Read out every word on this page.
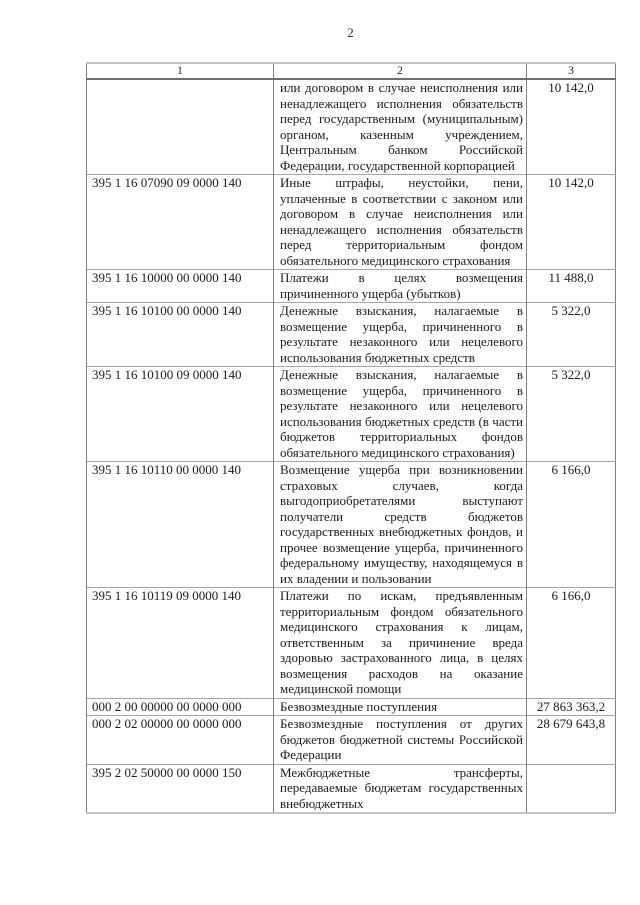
2
1	2	3
	или договором в случае неисполнения или ненадлежащего исполнения обязательств перед государственным (муниципальным) органом, казенным учреждением, Центральным банком Российской Федерации, государственной корпорацией	10 142,0
395 1 16 07090 09 0000 140	Иные штрафы, неустойки, пени, уплаченные в соответствии с законом или договором в случае неисполнения или ненадлежащего исполнения обязательств перед территориальным фондом обязательного медицинского страхования	10 142,0
395 1 16 10000 00 0000 140	Платежи в целях возмещения причиненного ущерба (убытков)	11 488,0
395 1 16 10100 00 0000 140	Денежные взыскания, налагаемые в возмещение ущерба, причиненного в результате незаконного или нецелевого использования бюджетных средств	5 322,0
395 1 16 10100 09 0000 140	Денежные взыскания, налагаемые в возмещение ущерба, причиненного в результате незаконного или нецелевого использования бюджетных средств (в части бюджетов территориальных фондов обязательного медицинского страхования)	5 322,0
395 1 16 10110 00 0000 140	Возмещение ущерба при возникновении страховых случаев, когда выгодоприобретателями выступают получатели средств бюджетов государственных внебюджетных фондов, и прочее возмещение ущерба, причиненного федеральному имуществу, находящемуся в их владении и пользовании	6 166,0
395 1 16 10119 09 0000 140	Платежи по искам, предъявленным территориальным фондом обязательного медицинского страхования к лицам, ответственным за причинение вреда здоровью застрахованного лица, в целях возмещения расходов на оказание медицинской помощи	6 166,0
000 2 00 00000 00 0000 000	Безвозмездные поступления	27 863 363,2
000 2 02 00000 00 0000 000	Безвозмездные поступления от других бюджетов бюджетной системы Российской Федерации	28 679 643,8
395 2 02 50000 00 0000 150	Межбюджетные трансферты, передаваемые бюджетам государственных внебюджетных	
